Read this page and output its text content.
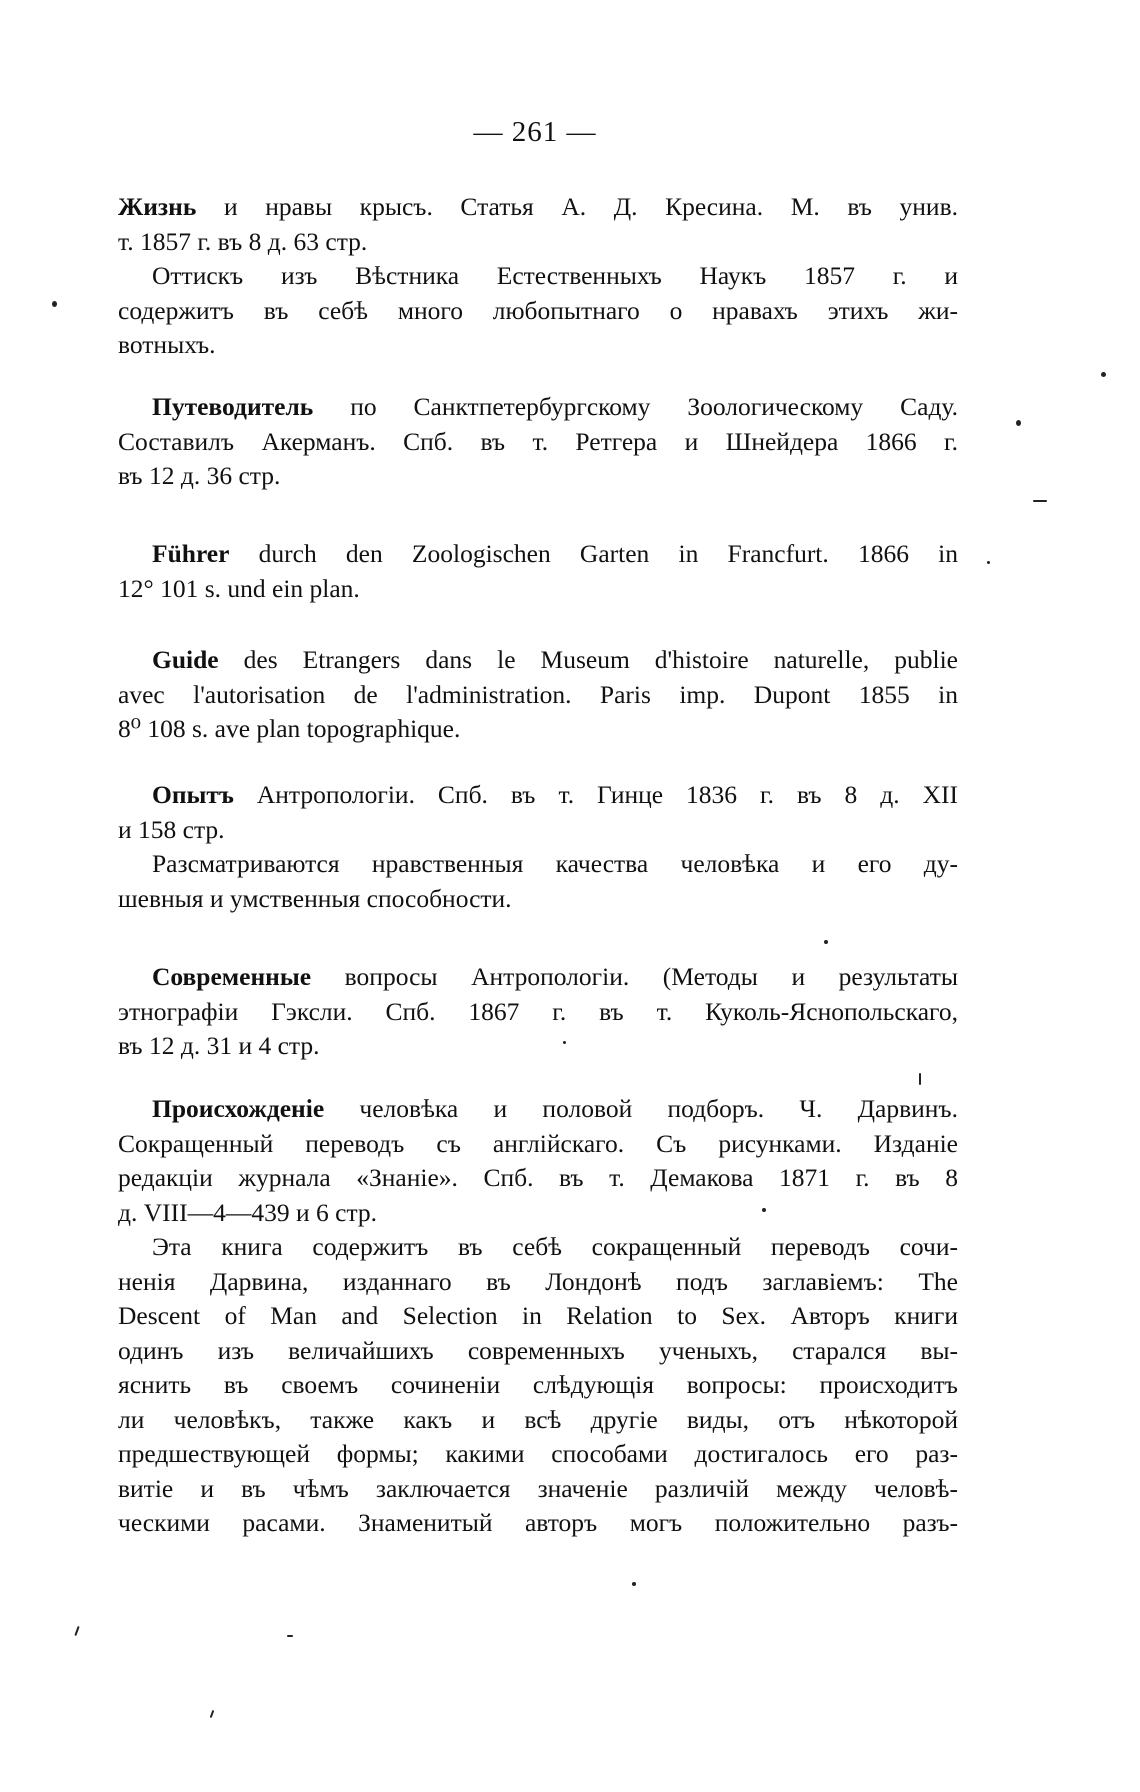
— 261 —
Жизнь и нравы крысъ. Статья А. Д. Кресина. М. въ унив.
т. 1857 г. въ 8 д. 63 стр.
Оттискъ изъ Вѣстника Естественныхъ Наукъ 1857 г. и
содержитъ въ себѣ много любопытнаго о нравахъ этихъ жи-
вотныхъ.
Путеводитель по Санктпетербургскому Зоологическому Саду.
Составилъ Акерманъ. Спб. въ т. Ретгера и Шнейдера 1866 г.
въ 12 д. 36 стр.
Führer durch den Zoologischen Garten in Francfurt. 1866 in
12° 101 s. und ein plan.
Guide des Etrangers dans le Museum d'histoire naturelle, publie
avec l'autorisation de l'administration. Paris imp. Dupont 1855 in
8⁰ 108 s. ave plan topographique.
Опытъ Антропологіи. Спб. въ т. Гинце 1836 г. въ 8 д. XII
и 158 стр.
Разсматриваются нравственныя качества человѣка и его ду-
шевныя и умственныя способности.
Современные вопросы Антропологіи. (Методы и результаты
этнографіи Гэксли. Спб. 1867 г. въ т. Куколь-Яснопольскаго,
въ 12 д. 31 и 4 стр.
Происхожденіе человѣка и половой подборъ. Ч. Дарвинъ.
Сокращенный переводъ съ англійскаго. Съ рисунками. Изданіе
редакціи журнала «Знаніе». Спб. въ т. Демакова 1871 г. въ 8
д. VIII—4—439 и 6 стр.
Эта книга содержитъ въ себѣ сокращенный переводъ сочи-
ненія Дарвина, изданнаго въ Лондонѣ подъ заглавіемъ: The
Descent of Man and Selection in Relation to Sex. Авторъ книги
одинъ изъ величайшихъ современныхъ ученыхъ, старался вы-
яснить въ своемъ сочиненіи слѣдующія вопросы: происходитъ
ли человѣкъ, также какъ и всѣ другіе виды, отъ нѣкоторой
предшествующей формы; какими способами достигалось его раз-
витіе и въ чѣмъ заключается значеніе различій между человѣ-
ческими расами. Знаменитый авторъ могъ положительно разъ-
